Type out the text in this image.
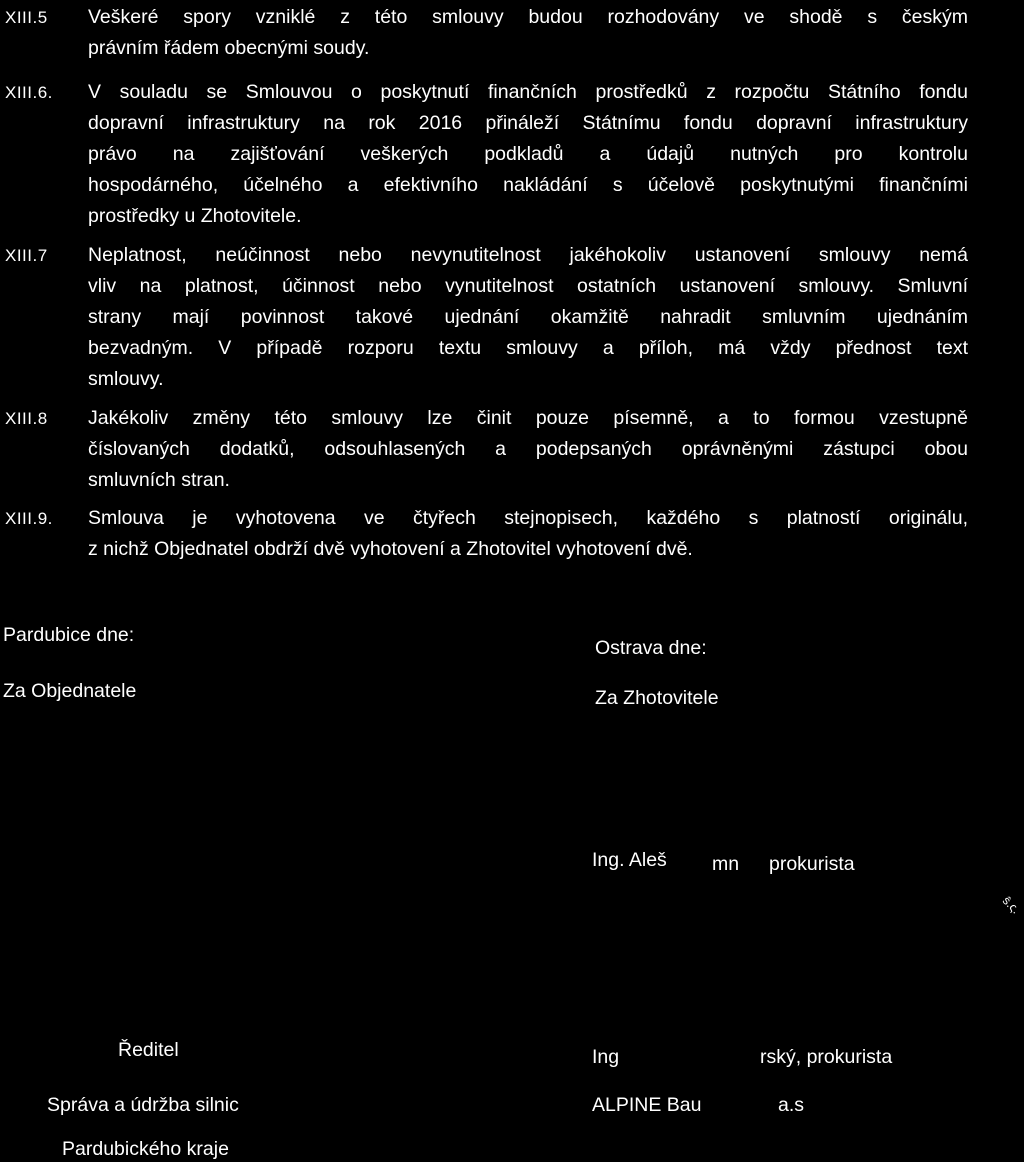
XIII.5 Veškeré spory vzniklé z této smlouvy budou rozhodovány ve shodě s českým
právním řádem obecnými soudy.
XIII.6. V souladu se Smlouvou o poskytnutí finančních prostředků z rozpočtu Státního fondu
dopravní infrastruktury na rok 2016 přináleží Státnímu fondu dopravní infrastruktury
právo na zajišťování veškerých podkladů a údajů nutných pro kontrolu
hospodárného, účelného a efektivního nakládání s účelově poskytnutými finančními
prostředky u Zhotovitele.
XIII.7 Neplatnost, neúčinnost nebo nevynutitelnost jakéhokoliv ustanovení smlouvy nemá
vliv na platnost, účinnost nebo vynutitelnost ostatních ustanovení smlouvy. Smluvní
strany mají povinnost takové ujednání okamžitě nahradit smluvním ujednáním
bezvadným. V případě rozporu textu smlouvy a příloh, má vždy přednost text
smlouvy.
XIII.8 Jakékoliv změny této smlouvy lze činit pouze písemně, a to formou vzestupně
číslovaných dodatků, odsouhlasených a podepsaných oprávněnými zástupci obou
smluvních stran.
XIII.9. Smlouva je vyhotovena ve čtyřech stejnopisech, každého s platností originálu,
z nichž Objednatel obdrží dvě vyhotovení a Zhotovitel vyhotovení dvě.
Pardubice dne:
Za Objednatele
Ředitel
Správa a údržba silnic
Pardubického kraje
Ostrava dne:
Za Zhotovitele
Ing. Aleš mn prokurista
Ing	rský, prokurista
ALPINE Bau	a.s
ŝ.ς.
